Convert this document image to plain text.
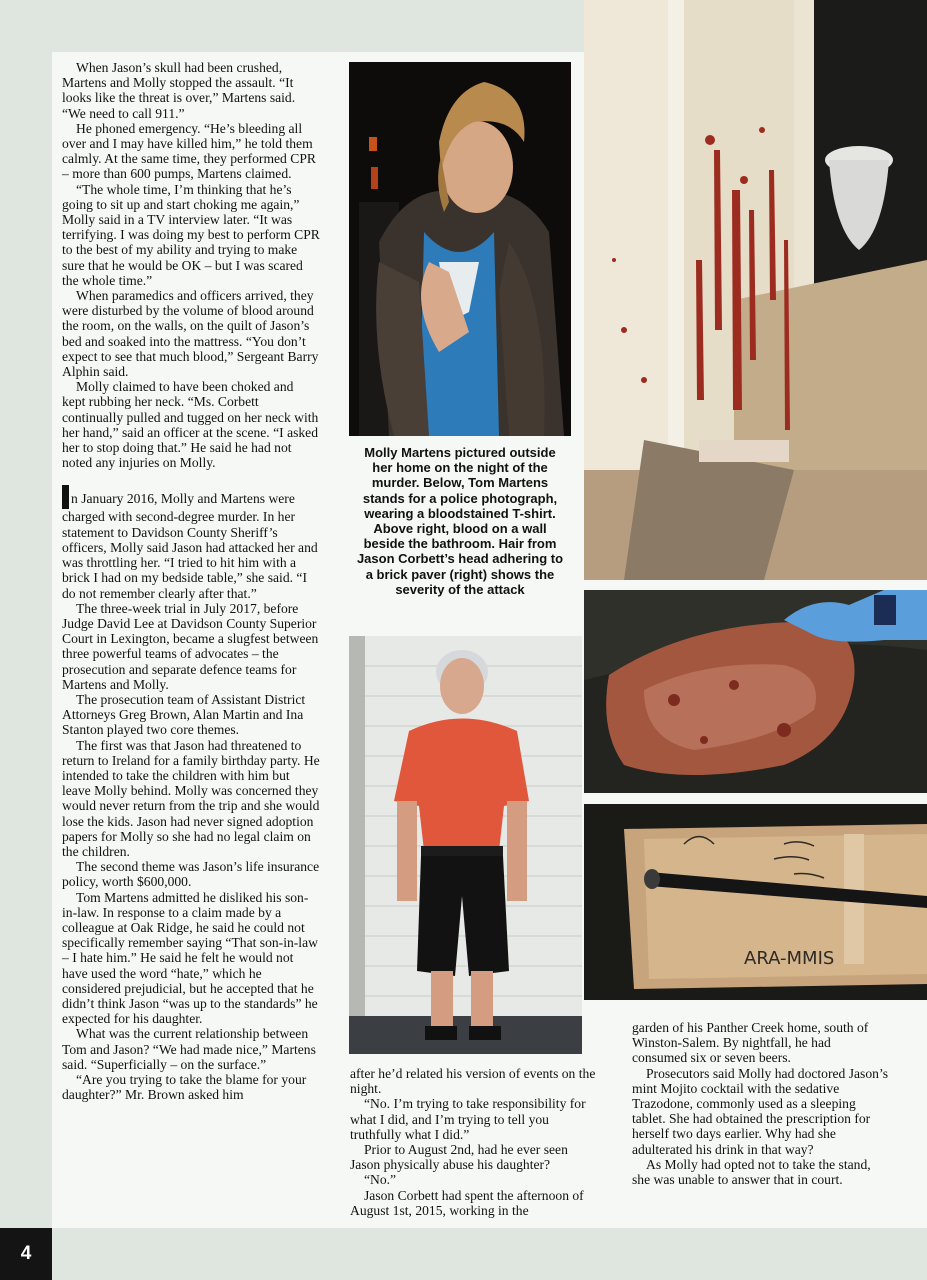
4

When Jason’s skull had been crushed, Martens and Molly stopped the assault. “It looks like the threat is over,” Martens said. “We need to call 911.”

He phoned emergency. “He’s bleeding all over and I may have killed him,” he told them calmly. At the same time, they performed CPR – more than 600 pumps, Martens claimed.

“The whole time, I’m thinking that he’s going to sit up and start choking me again,” Molly said in a TV interview later. “It was terrifying. I was doing my best to perform CPR to the best of my ability and trying to make sure that he would be OK – but I was scared the whole time.”

When paramedics and officers arrived, they were disturbed by the volume of blood around the room, on the walls, on the quilt of Jason’s bed and soaked into the mattress. “You don’t expect to see that much blood,” Sergeant Barry Alphin said.

Molly claimed to have been choked and kept rubbing her neck. “Ms. Corbett continually pulled and tugged on her neck with her hand,” said an officer at the scene. “I asked her to stop doing that.” He said he had not noted any injuries on Molly.

n January 2016, Molly and Martens were charged with second-degree murder. In her statement to Davidson County Sheriff’s officers, Molly said Jason had attacked her and was throttling her. “I tried to hit him with a brick I had on my bedside table,” she said. “I do not remember clearly after that.”

The three-week trial in July 2017, before Judge David Lee at Davidson County Superior Court in Lexington, became a slugfest between three powerful teams of advocates – the prosecution and separate defence teams for Martens and Molly.

The prosecution team of Assistant District Attorneys Greg Brown, Alan Martin and Ina Stanton played two core themes.

The first was that Jason had threatened to return to Ireland for a family birthday party. He intended to take the children with him but leave Molly behind. Molly was concerned they would never return from the trip and she would lose the kids. Jason had never signed adoption papers for Molly so she had no legal claim on the children.

The second theme was Jason’s life insurance policy, worth $600,000.

Tom Martens admitted he disliked his son-in-law. In response to a claim made by a colleague at Oak Ridge, he said he could not specifically remember saying “That son-in-law – I hate him.” He said he felt he would not have used the word “hate,” which he considered prejudicial, but he accepted that he didn’t think Jason “was up to the standards” he expected for his daughter.

What was the current relationship between Tom and Jason? “We had made nice,” Martens said. “Superficially – on the surface.”

“Are you trying to take the blame for your daughter?” Mr. Brown asked him

Molly Martens pictured outside her home on the night of the murder. Below, Tom Martens stands for a police photograph, wearing a bloodstained T-shirt. Above right, blood on a wall beside the bathroom. Hair from Jason Corbett’s head adhering to a brick paver (right) shows the severity of the attack
ARA-MMIS

after he’d related his version of events on the night.

“No. I’m trying to take responsibility for what I did, and I’m trying to tell you truthfully what I did.”

Prior to August 2nd, had he ever seen Jason physically abuse his daughter?

“No.”

Jason Corbett had spent the afternoon of August 1st, 2015, working in the

garden of his Panther Creek home, south of Winston-Salem. By nightfall, he had consumed six or seven beers.

Prosecutors said Molly had doctored Jason’s mint Mojito cocktail with the sedative Trazodone, commonly used as a sleeping tablet. She had obtained the prescription for herself two days earlier. Why had she adulterated his drink in that way?

As Molly had opted not to take the stand, she was unable to answer that in court.
